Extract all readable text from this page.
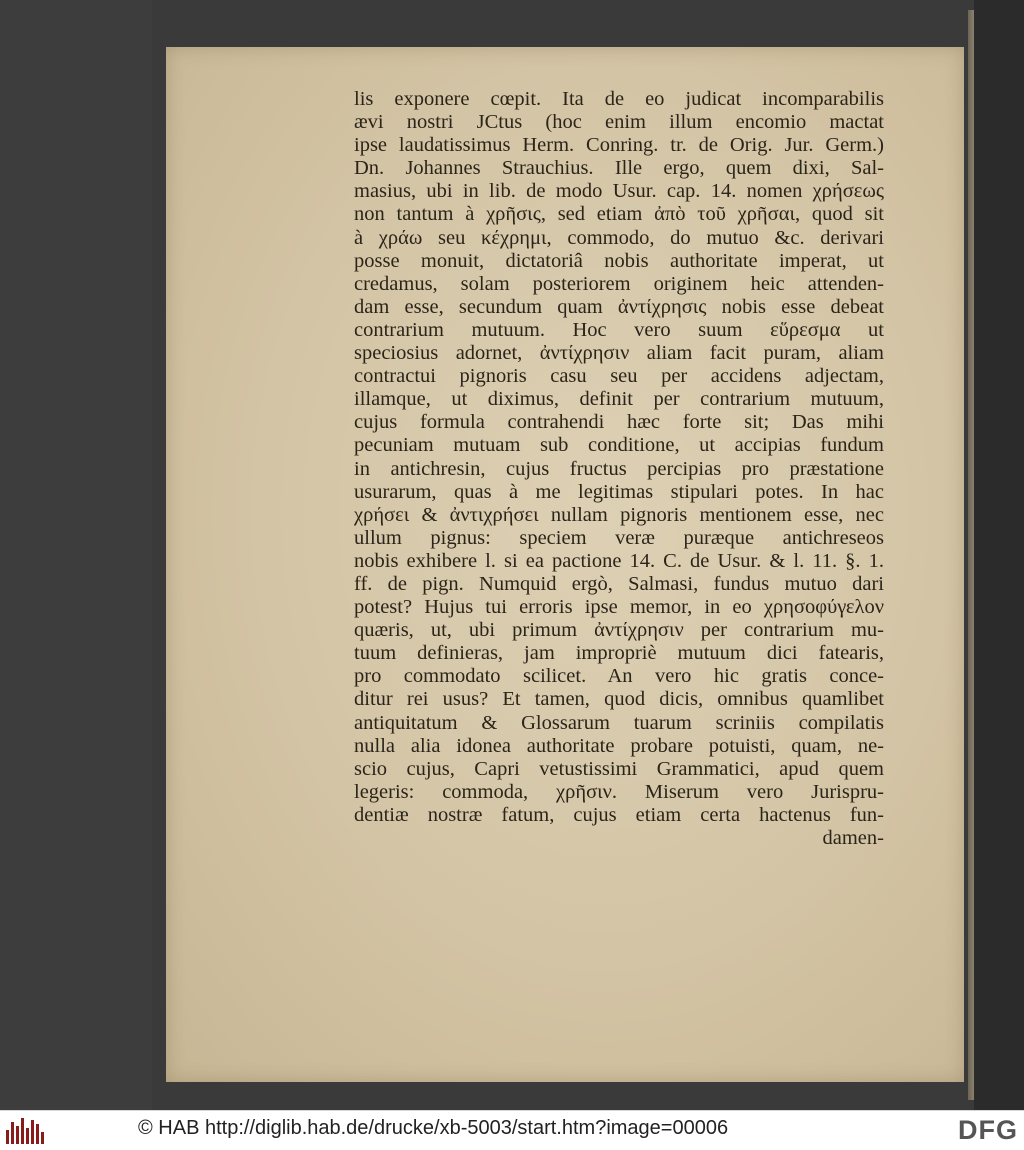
lis exponere cœpit. Ita de eo judicat incomparabilis
ævi nostri JCtus (hoc enim illum encomio mactat
ipse laudatissimus Herm. Conring. tr. de Orig. Jur. Germ.)
Dn. Johannes Strauchius. Ille ergo, quem dixi, Sal-
masius, ubi in lib. de modo Usur. cap. 14. nomen χρήσεως
non tantum à χρῆσις, sed etiam ἀπὸ τοῦ χρῆσαι, quod sit
à χράω seu κέχρημι, commodo, do mutuo &c. derivari
posse monuit, dictatoriâ nobis authoritate imperat, ut
credamus, solam posteriorem originem heic attenden-
dam esse, secundum quam ἀντίχρησις nobis esse debeat
contrarium mutuum. Hoc vero suum εὕρεσμα ut
speciosius adornet, ἀντίχρησιν aliam facit puram, aliam
contractui pignoris casu seu per accidens adjectam,
illamque, ut diximus, definit per contrarium mutuum,
cujus formula contrahendi hæc forte sit; Das mihi
pecuniam mutuam sub conditione, ut accipias fundum
in antichresin, cujus fructus percipias pro præstatione
usurarum, quas à me legitimas stipulari potes. In hac
χρήσει & ἀντιχρήσει nullam pignoris mentionem esse, nec
ullum pignus: speciem veræ puræque antichreseos
nobis exhibere l. si ea pactione 14. C. de Usur. & l. 11. §. 1.
ff. de pign. Numquid ergò, Salmasi, fundus mutuo dari
potest? Hujus tui erroris ipse memor, in eo χρησοφύγελον
quæris, ut, ubi primum ἀντίχρησιν per contrarium mu-
tuum definieras, jam impropriè mutuum dici fatearis,
pro commodato scilicet. An vero hic gratis conce-
ditur rei usus? Et tamen, quod dicis, omnibus quamlibet
antiquitatum & Glossarum tuarum scriniis compilatis
nulla alia idonea authoritate probare potuisti, quam, ne-
scio cujus, Capri vetustissimi Grammatici, apud quem
legeris: commoda, χρῆσιν. Miserum vero Jurispru-
dentiæ nostræ fatum, cujus etiam certa hactenus fun-
damen-
© HAB http://diglib.hab.de/drucke/xb-5003/start.htm?image=00006	DFG
